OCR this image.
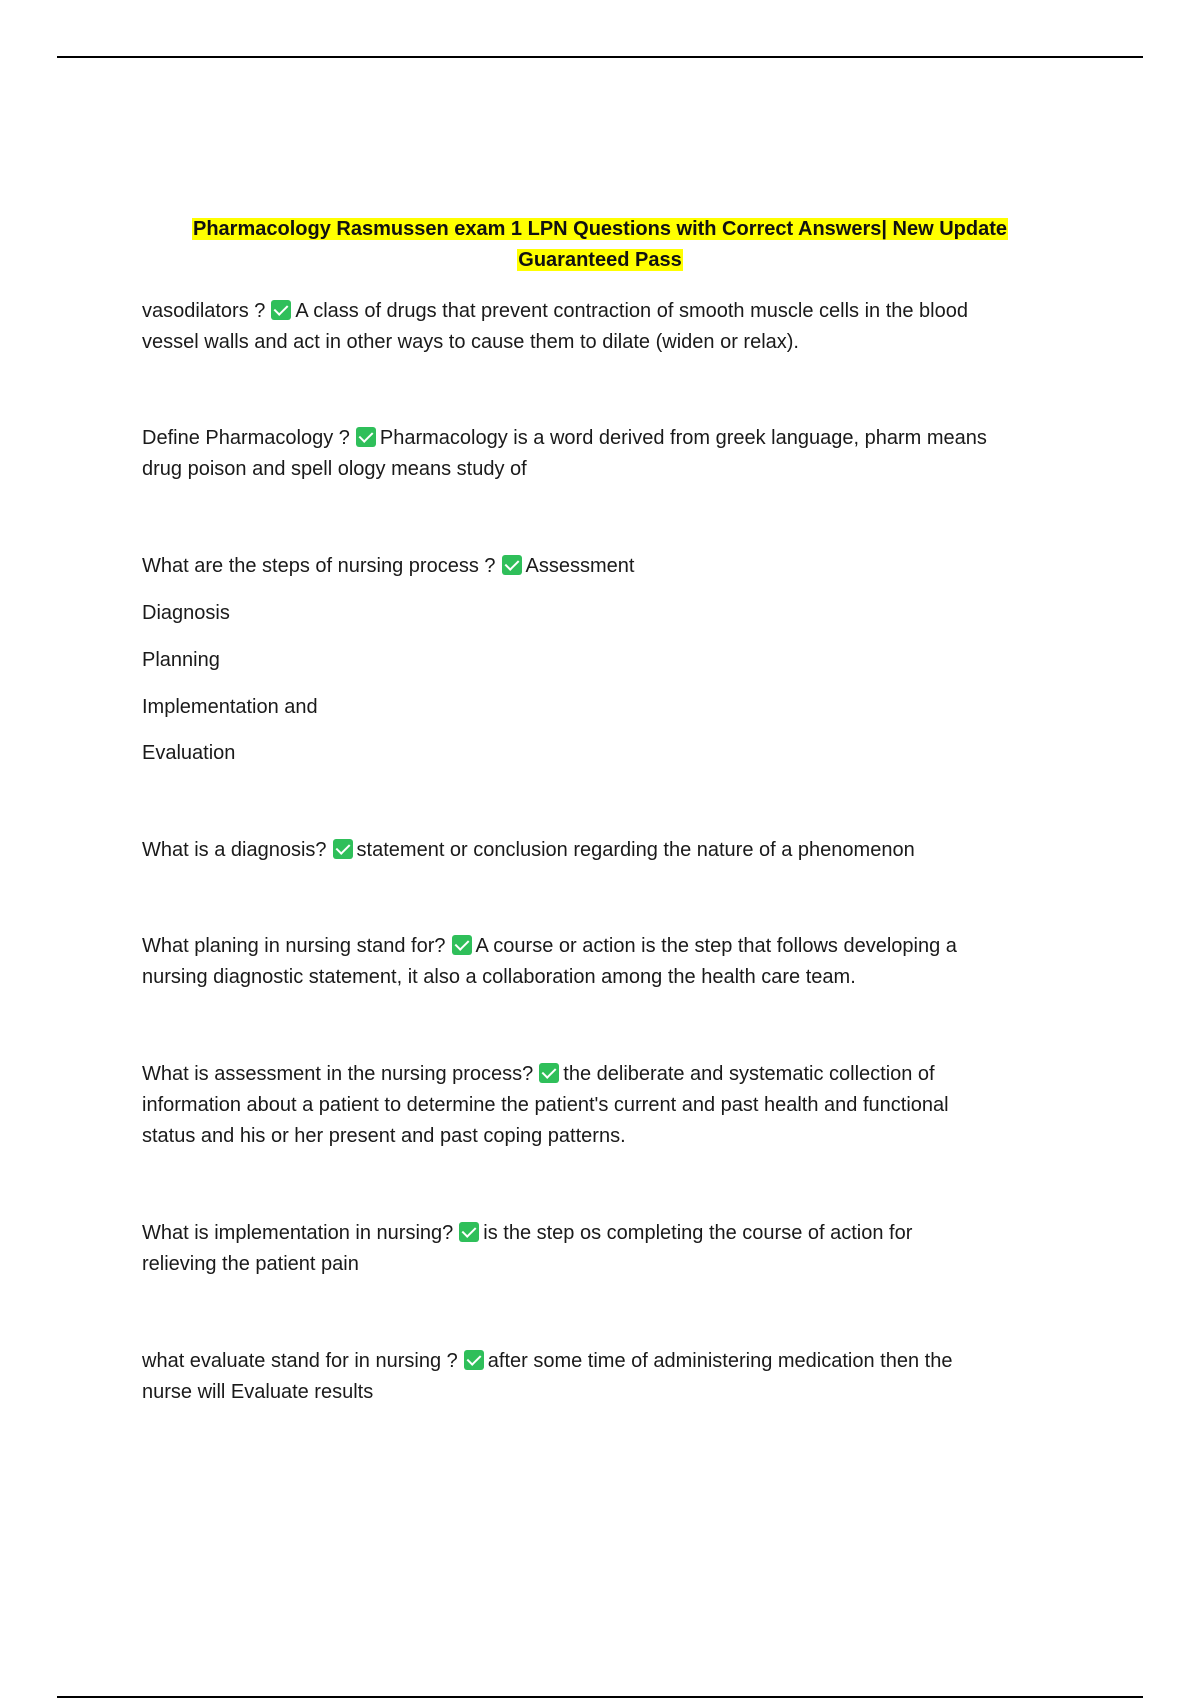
Pharmacology Rasmussen exam 1 LPN Questions with Correct Answers| New Update
Guaranteed Pass

vasodilators ? A class of drugs that prevent contraction of smooth muscle cells in the blood

vessel walls and act in other ways to cause them to dilate (widen or relax).

Define Pharmacology ? Pharmacology is a word derived from greek language, pharm means

drug poison and spell ology means study of

What are the steps of nursing process ? Assessment

Diagnosis

Planning

Implementation and

Evaluation

What is a diagnosis? statement or conclusion regarding the nature of a phenomenon

What planing in nursing stand for? A course or action is the step that follows developing a

nursing diagnostic statement, it also a collaboration among the health care team.

What is assessment in the nursing process? the deliberate and systematic collection of

information about a patient to determine the patient's current and past health and functional

status and his or her present and past coping patterns.

What is implementation in nursing? is the step os completing the course of action for

relieving the patient pain

what evaluate stand for in nursing ? after some time of administering medication then the

nurse will Evaluate results
